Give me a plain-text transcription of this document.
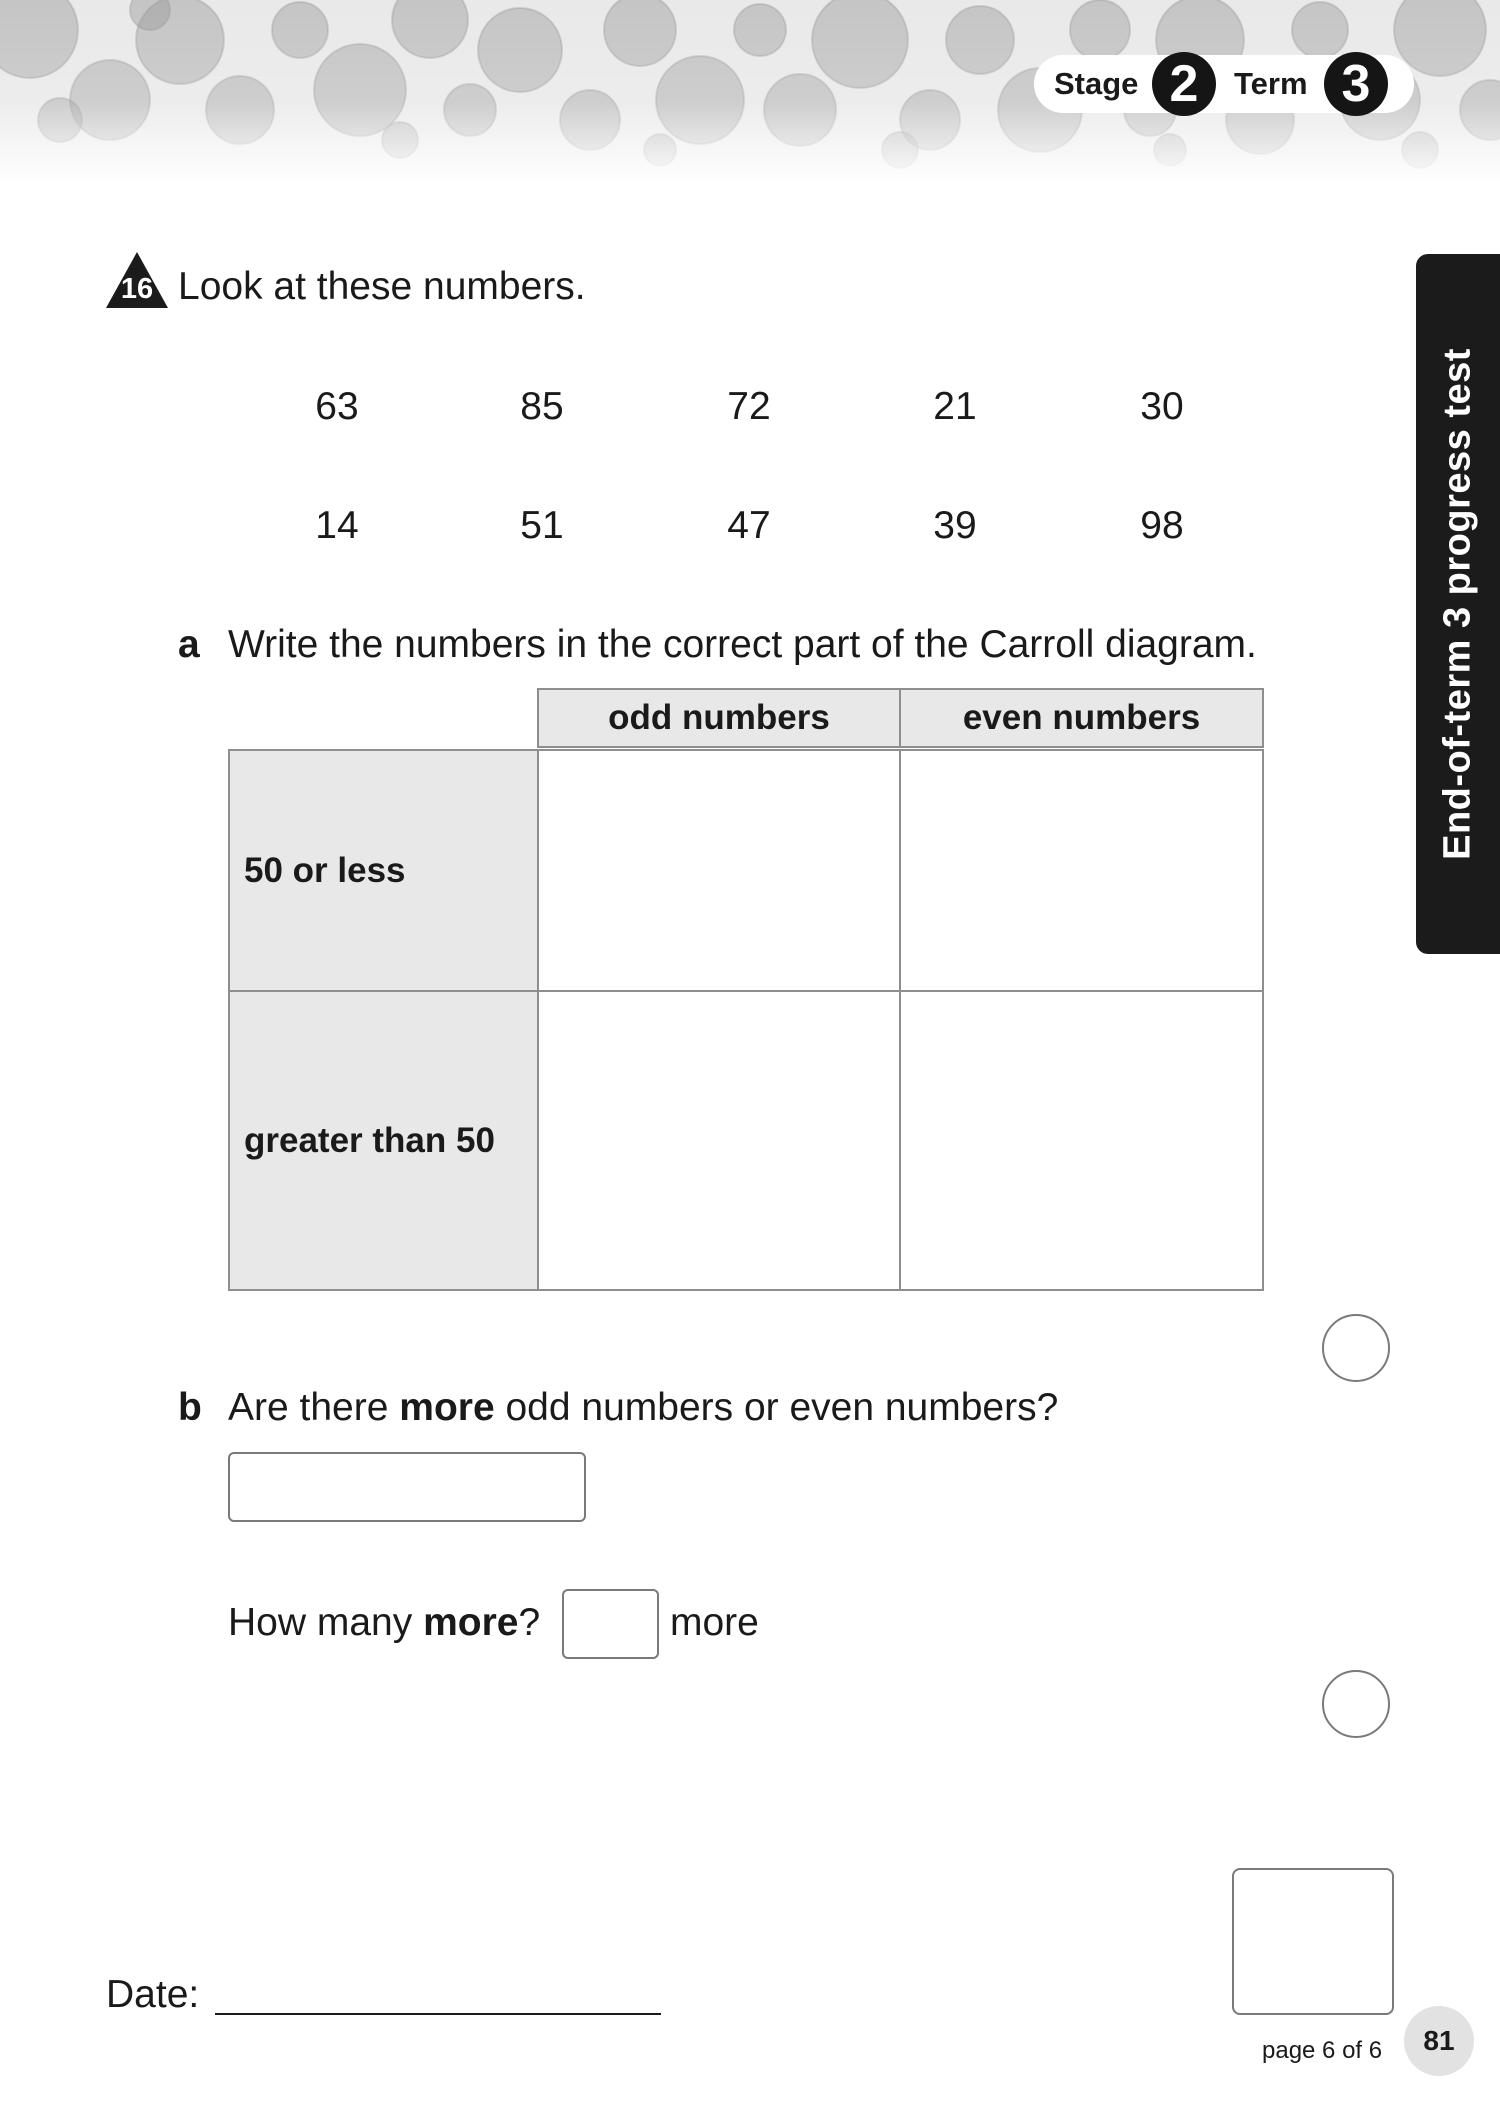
Stage 2	Term 3
End-of-term 3 progress test
16 Look at these numbers.
63	85	72	21	30
14	51	47	39	98
a Write the numbers in the correct part of the Carroll diagram.
odd numbers	even numbers
50 or less
greater than 50
b Are there more odd numbers or even numbers?
How many more?	more
Date:
page 6 of 6	81
